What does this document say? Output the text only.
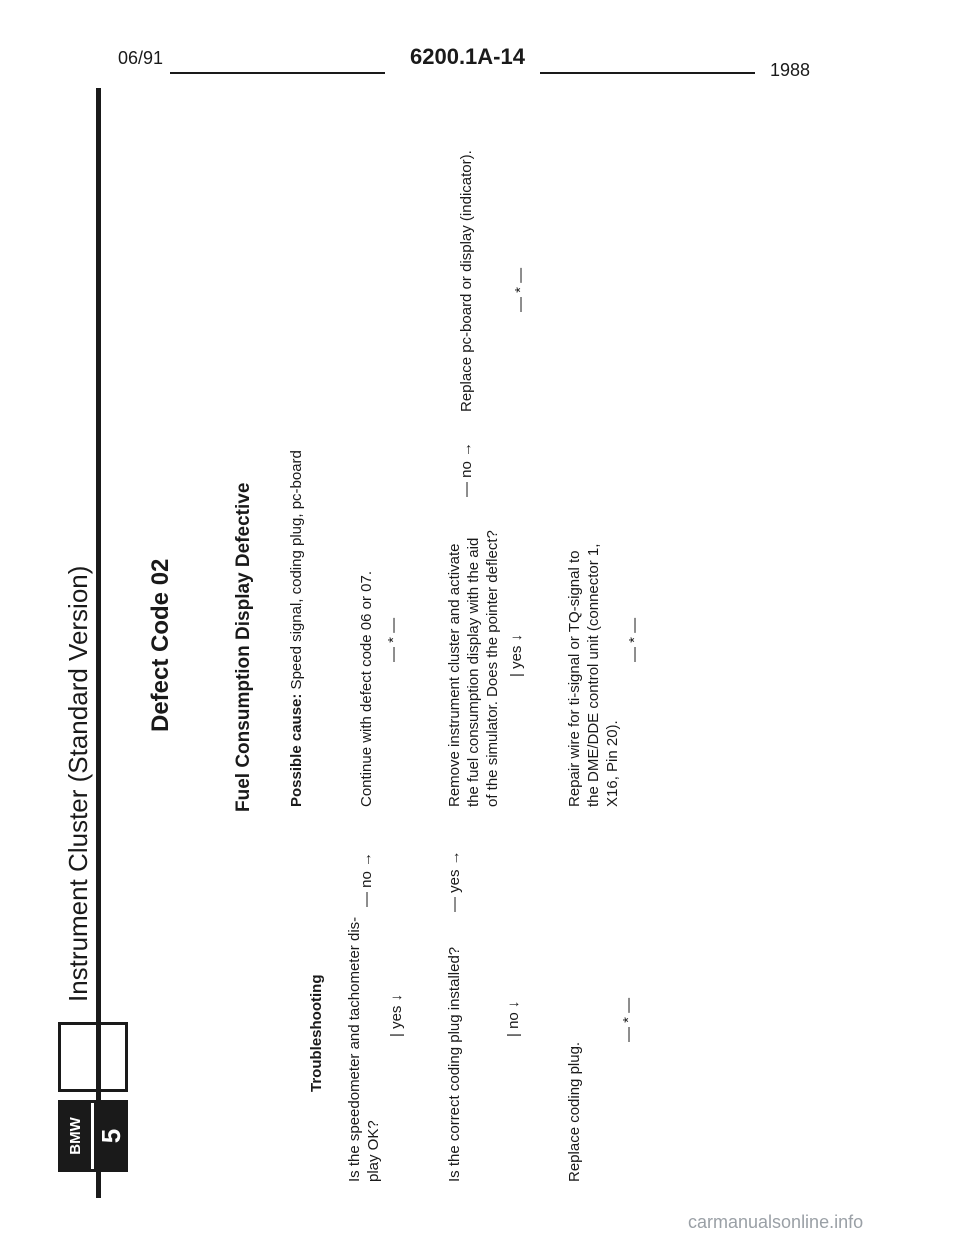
06/91	6200.1A-14
1988
BMW 5
Instrument Cluster (Standard Version) Defect Code 02	Fuel Consumption Display Defective Possible cause: Speed signal, coding plug, pc-board
Troubleshooting Is the speedometer and tachometer dis- play OK?
— no →
Continue with defect code 06 or 07. — * —
| yes ↓	Is the correct coding plug installed?
— yes →
Remove instrument cluster and activate the fuel consumption display with the aid of the simulator. Does the pointer deflect?
— no →
Replace pc-board or display (indicator). — * —
| yes ↓	Repair wire for ti-signal or TQ-signal to the DME/DDE control unit (connector 1, X16, Pin 20).
— * —
| no ↓
Replace coding plug.
— * —
carmanualsonline.info
